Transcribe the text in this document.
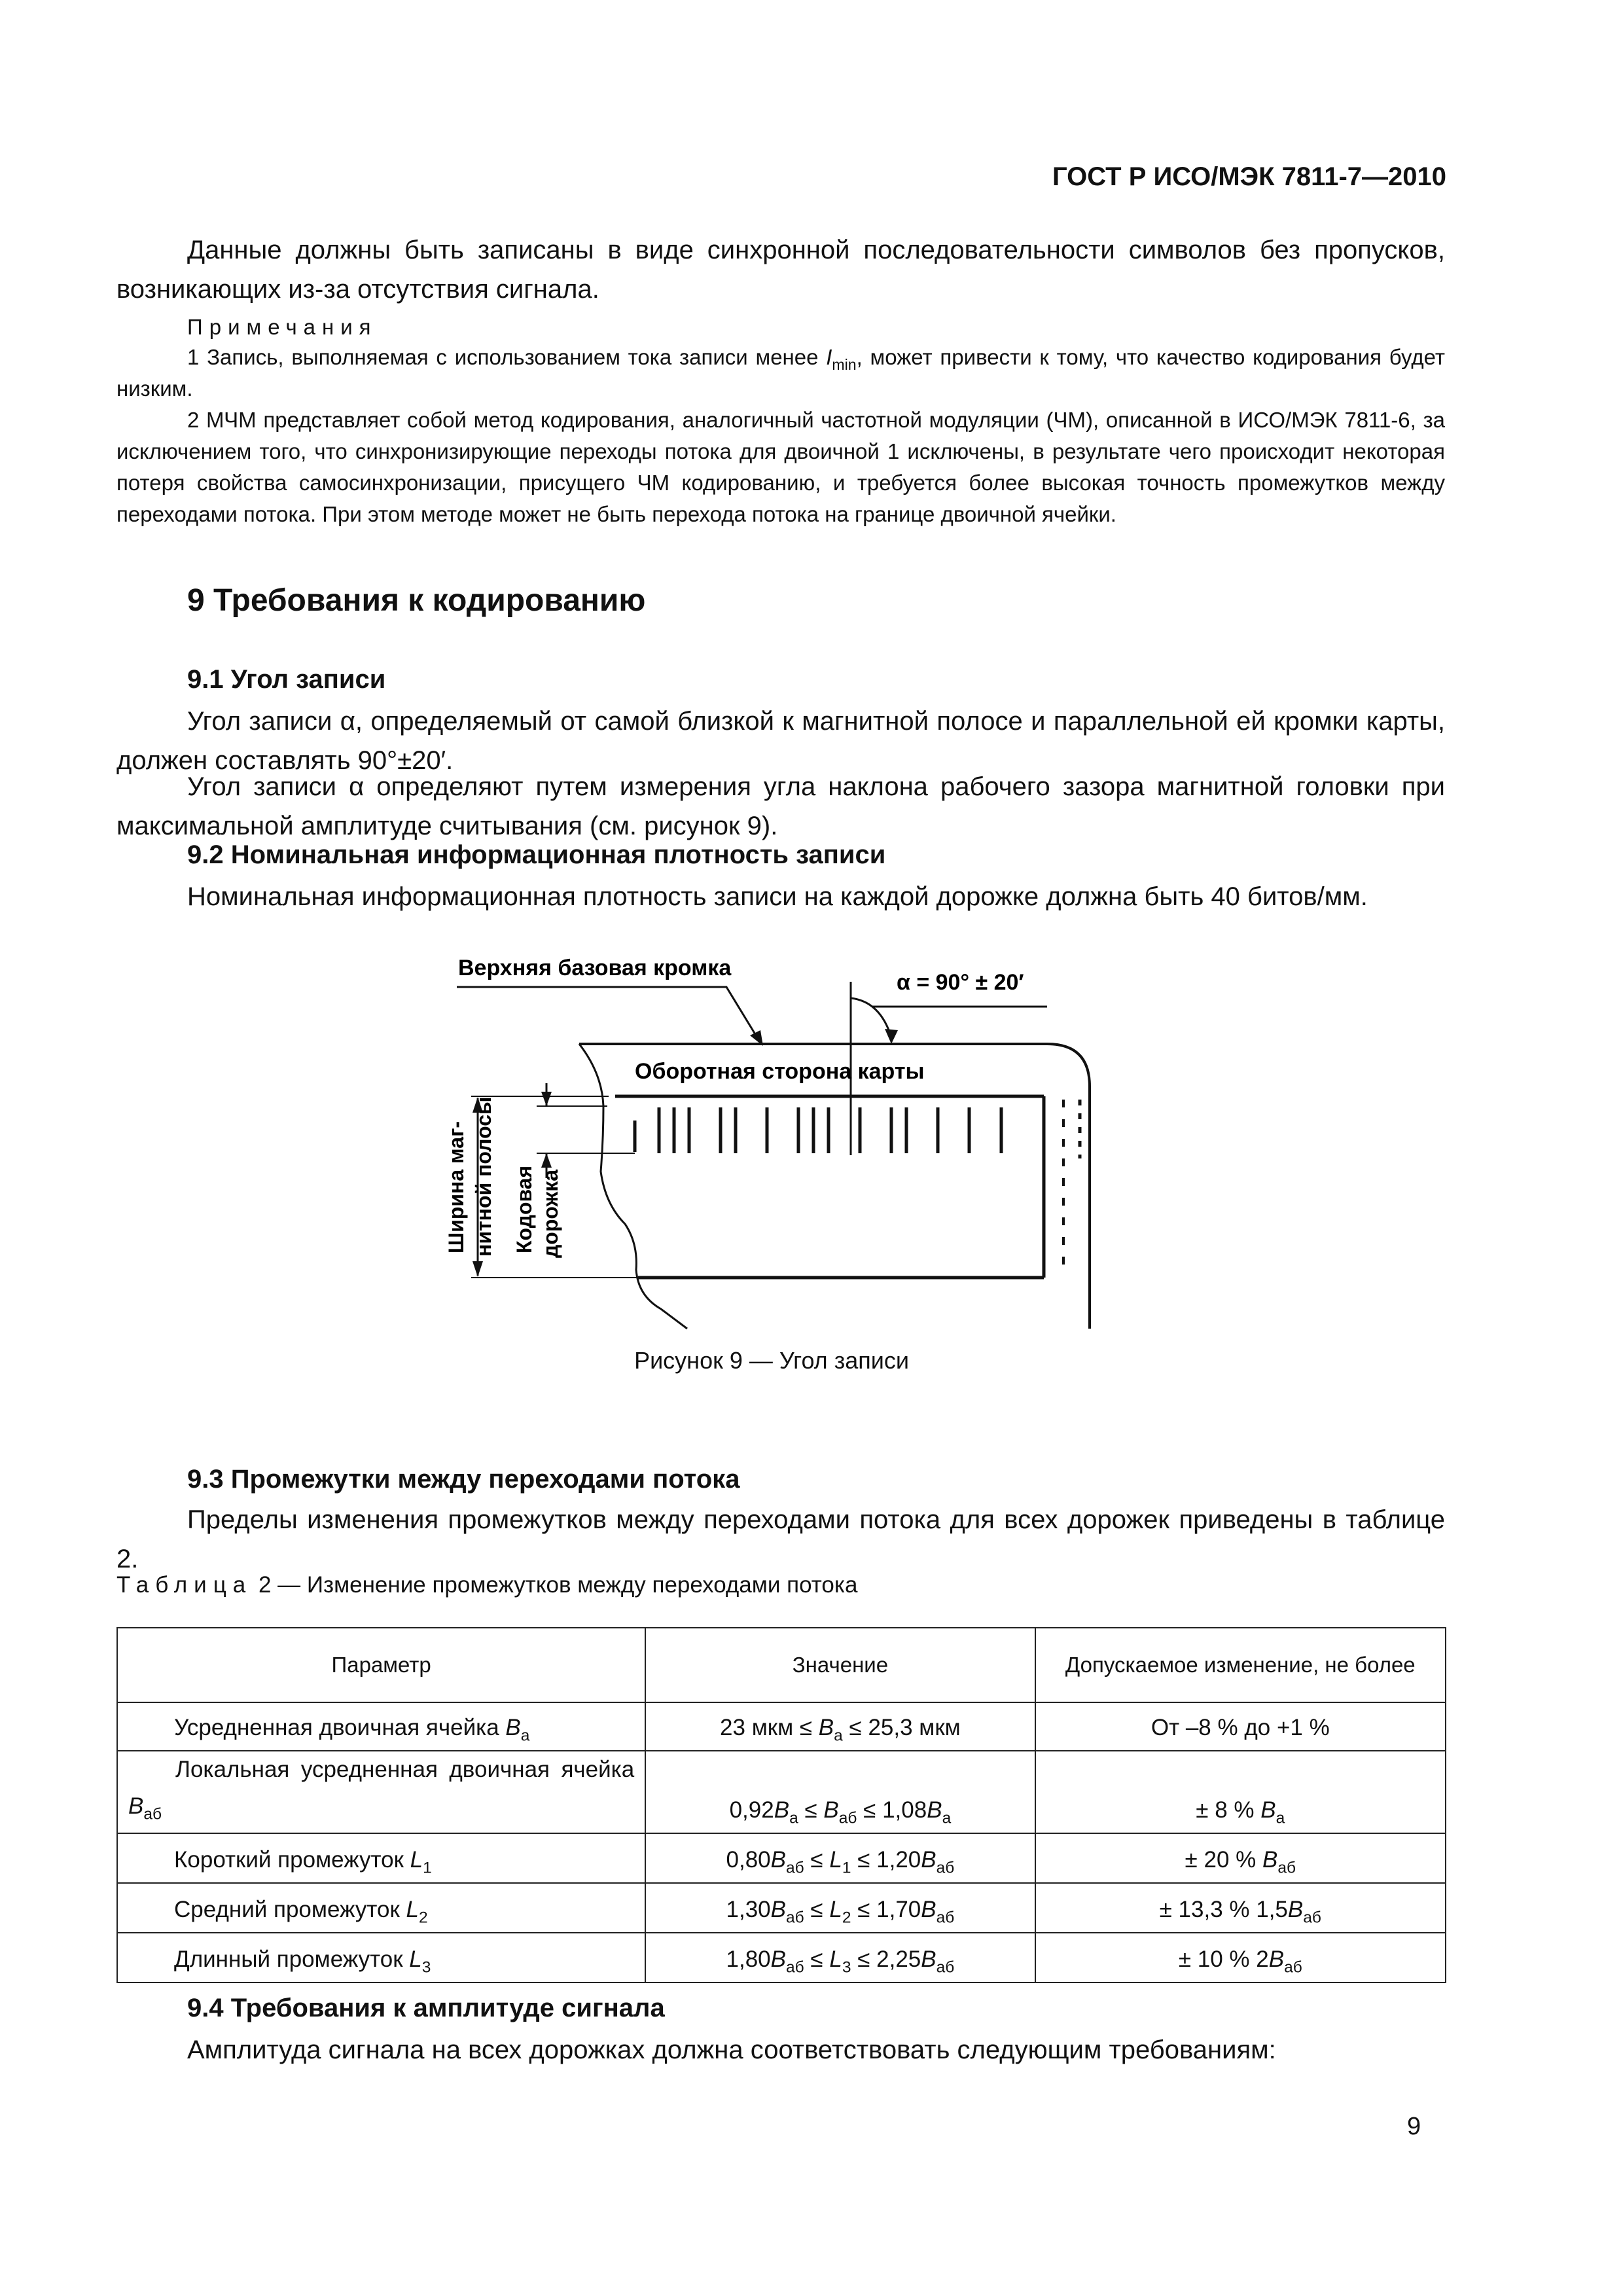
ГОСТ Р ИСО/МЭК 7811-7—2010

Данные должны быть записаны в виде синхронной последовательности символов без пропусков, возникающих из-за отсутствия сигнала.

Примечания

1 Запись, выполняемая с использованием тока записи менее $I_{min}$, может привести к тому, что качество кодирования будет низким.

2 МЧМ представляет собой метод кодирования, аналогичный частотной модуляции (ЧМ), описанной в ИСО/МЭК 7811-6, за исключением того, что синхронизирующие переходы потока для двоичной 1 исключены, в результате чего происходит некоторая потеря свойства самосинхронизации, присущего ЧМ кодированию, и требуется более высокая точность промежутков между переходами потока. При этом методе может не быть перехода потока на границе двоичной ячейки.

9 Требования к кодированию
9.1 Угол записи

Угол записи α, определяемый от самой близкой к магнитной полосе и параллельной ей кромки карты, должен составлять 90°±20′.

Угол записи α определяют путем измерения угла наклона рабочего зазора магнитной головки при максимальной амплитуде считывания (см. рисунок 9).

9.2 Номинальная информационная плотность записи

Номинальная информационная плотность записи на каждой дорожке должна быть 40 битов/мм.

Верхняя базовая кромка
α = 90° ± 20′
Оборотная сторона карты
Ширина маг- нитной полосы Кодовая дорожка
Рисунок 9 — Угол записи
9.3 Промежутки между переходами потока

Пределы изменения промежутков между переходами потока для всех дорожек приведены в таблице 2.

Таблица 2 — Изменение промежутков между переходами потока
Параметр	Значение	Допускаемое изменение, не более
Усредненная двоичная ячейка $B_a$	23 мкм ≤ $B_a \le 25,3$ мкм	От –8 % до +1 %
Локальная усредненная двоичная ячейка $B_{аб}$	$0,92B_a \le B_{aб} \le 1,08B_a$	± 8 % $B_a$
Короткий промежуток $L_1$	$0,80B_{aб} \le L_1 \le 1,20B_{aб}$	± 20 % $B_{aб}$
Средний промежуток $L_2$	$1,30B_{aб} \le L_2 \le 1,70B_{aб}$	± 13,3 % $1,5B_{aб}$
Длинный промежуток $L_3$	$1,80B_{aб} \le L_3 \le 2,25B_{aб}$	± 10 % $2B_{aб}$
9.4 Требования к амплитуде сигнала

Амплитуда сигнала на всех дорожках должна соответствовать следующим требованиям:

9
